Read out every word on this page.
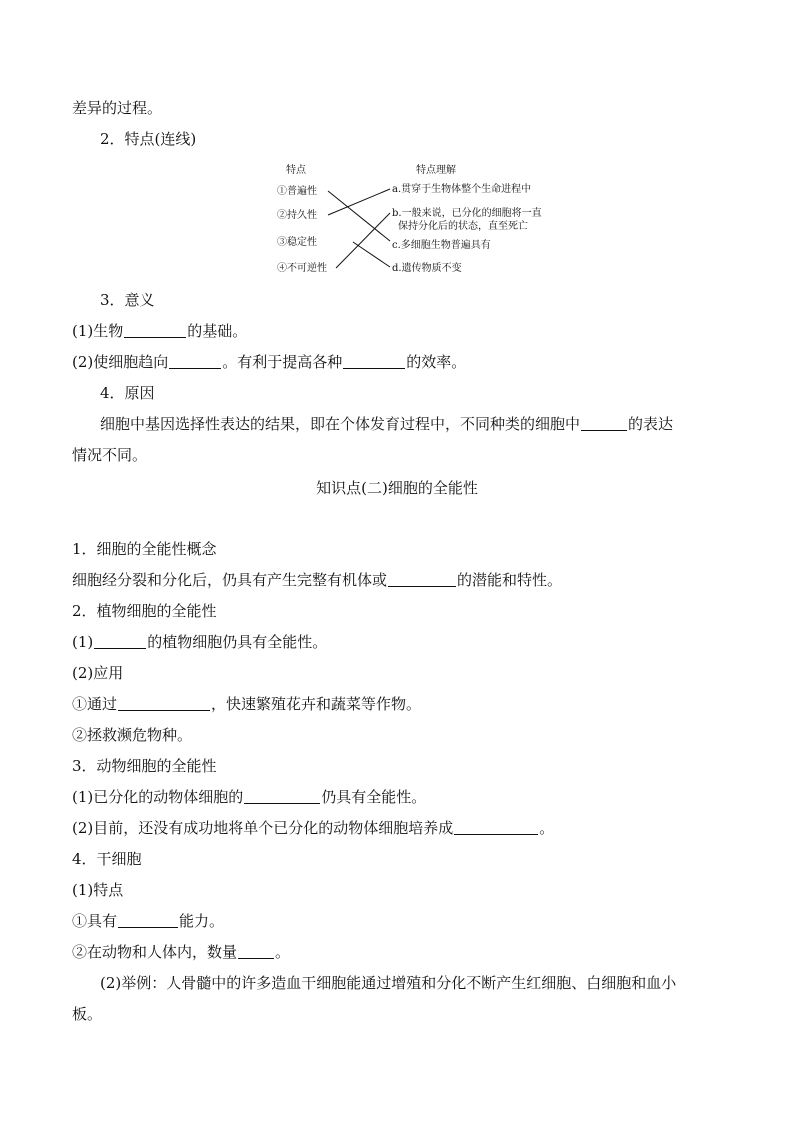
差异的过程。
2．特点(连线)
特点	特点理解
①普遍性
②持久性
③稳定性
④不可逆性
a.贯穿于生物体整个生命进程中
b.一般来说，已分化的细胞将一直
保持分化后的状态，直至死亡
c.多细胞生物普遍具有
d.遗传物质不变
3．意义
(1)生物	的基础。
(2)使细胞趋向	。有利于提高各种	的效率。
4．原因
细胞中基因选择性表达的结果，即在个体发育过程中，不同种类的细胞中	的表达
情况不同。
知识点(二)细胞的全能性
1．细胞的全能性概念
细胞经分裂和分化后，仍具有产生完整有机体或	的潜能和特性。
2．植物细胞的全能性
(1)	的植物细胞仍具有全能性。
(2)应用
①通过	，快速繁殖花卉和蔬菜等作物。
②拯救濒危物种。
3．动物细胞的全能性
(1)已分化的动物体细胞的	仍具有全能性。
(2)目前，还没有成功地将单个已分化的动物体细胞培养成	。
4．干细胞
(1)特点
①具有	能力。
②在动物和人体内，数量	。
(2)举例：人骨髓中的许多造血干细胞能通过增殖和分化不断产生红细胞、白细胞和血小
板。
